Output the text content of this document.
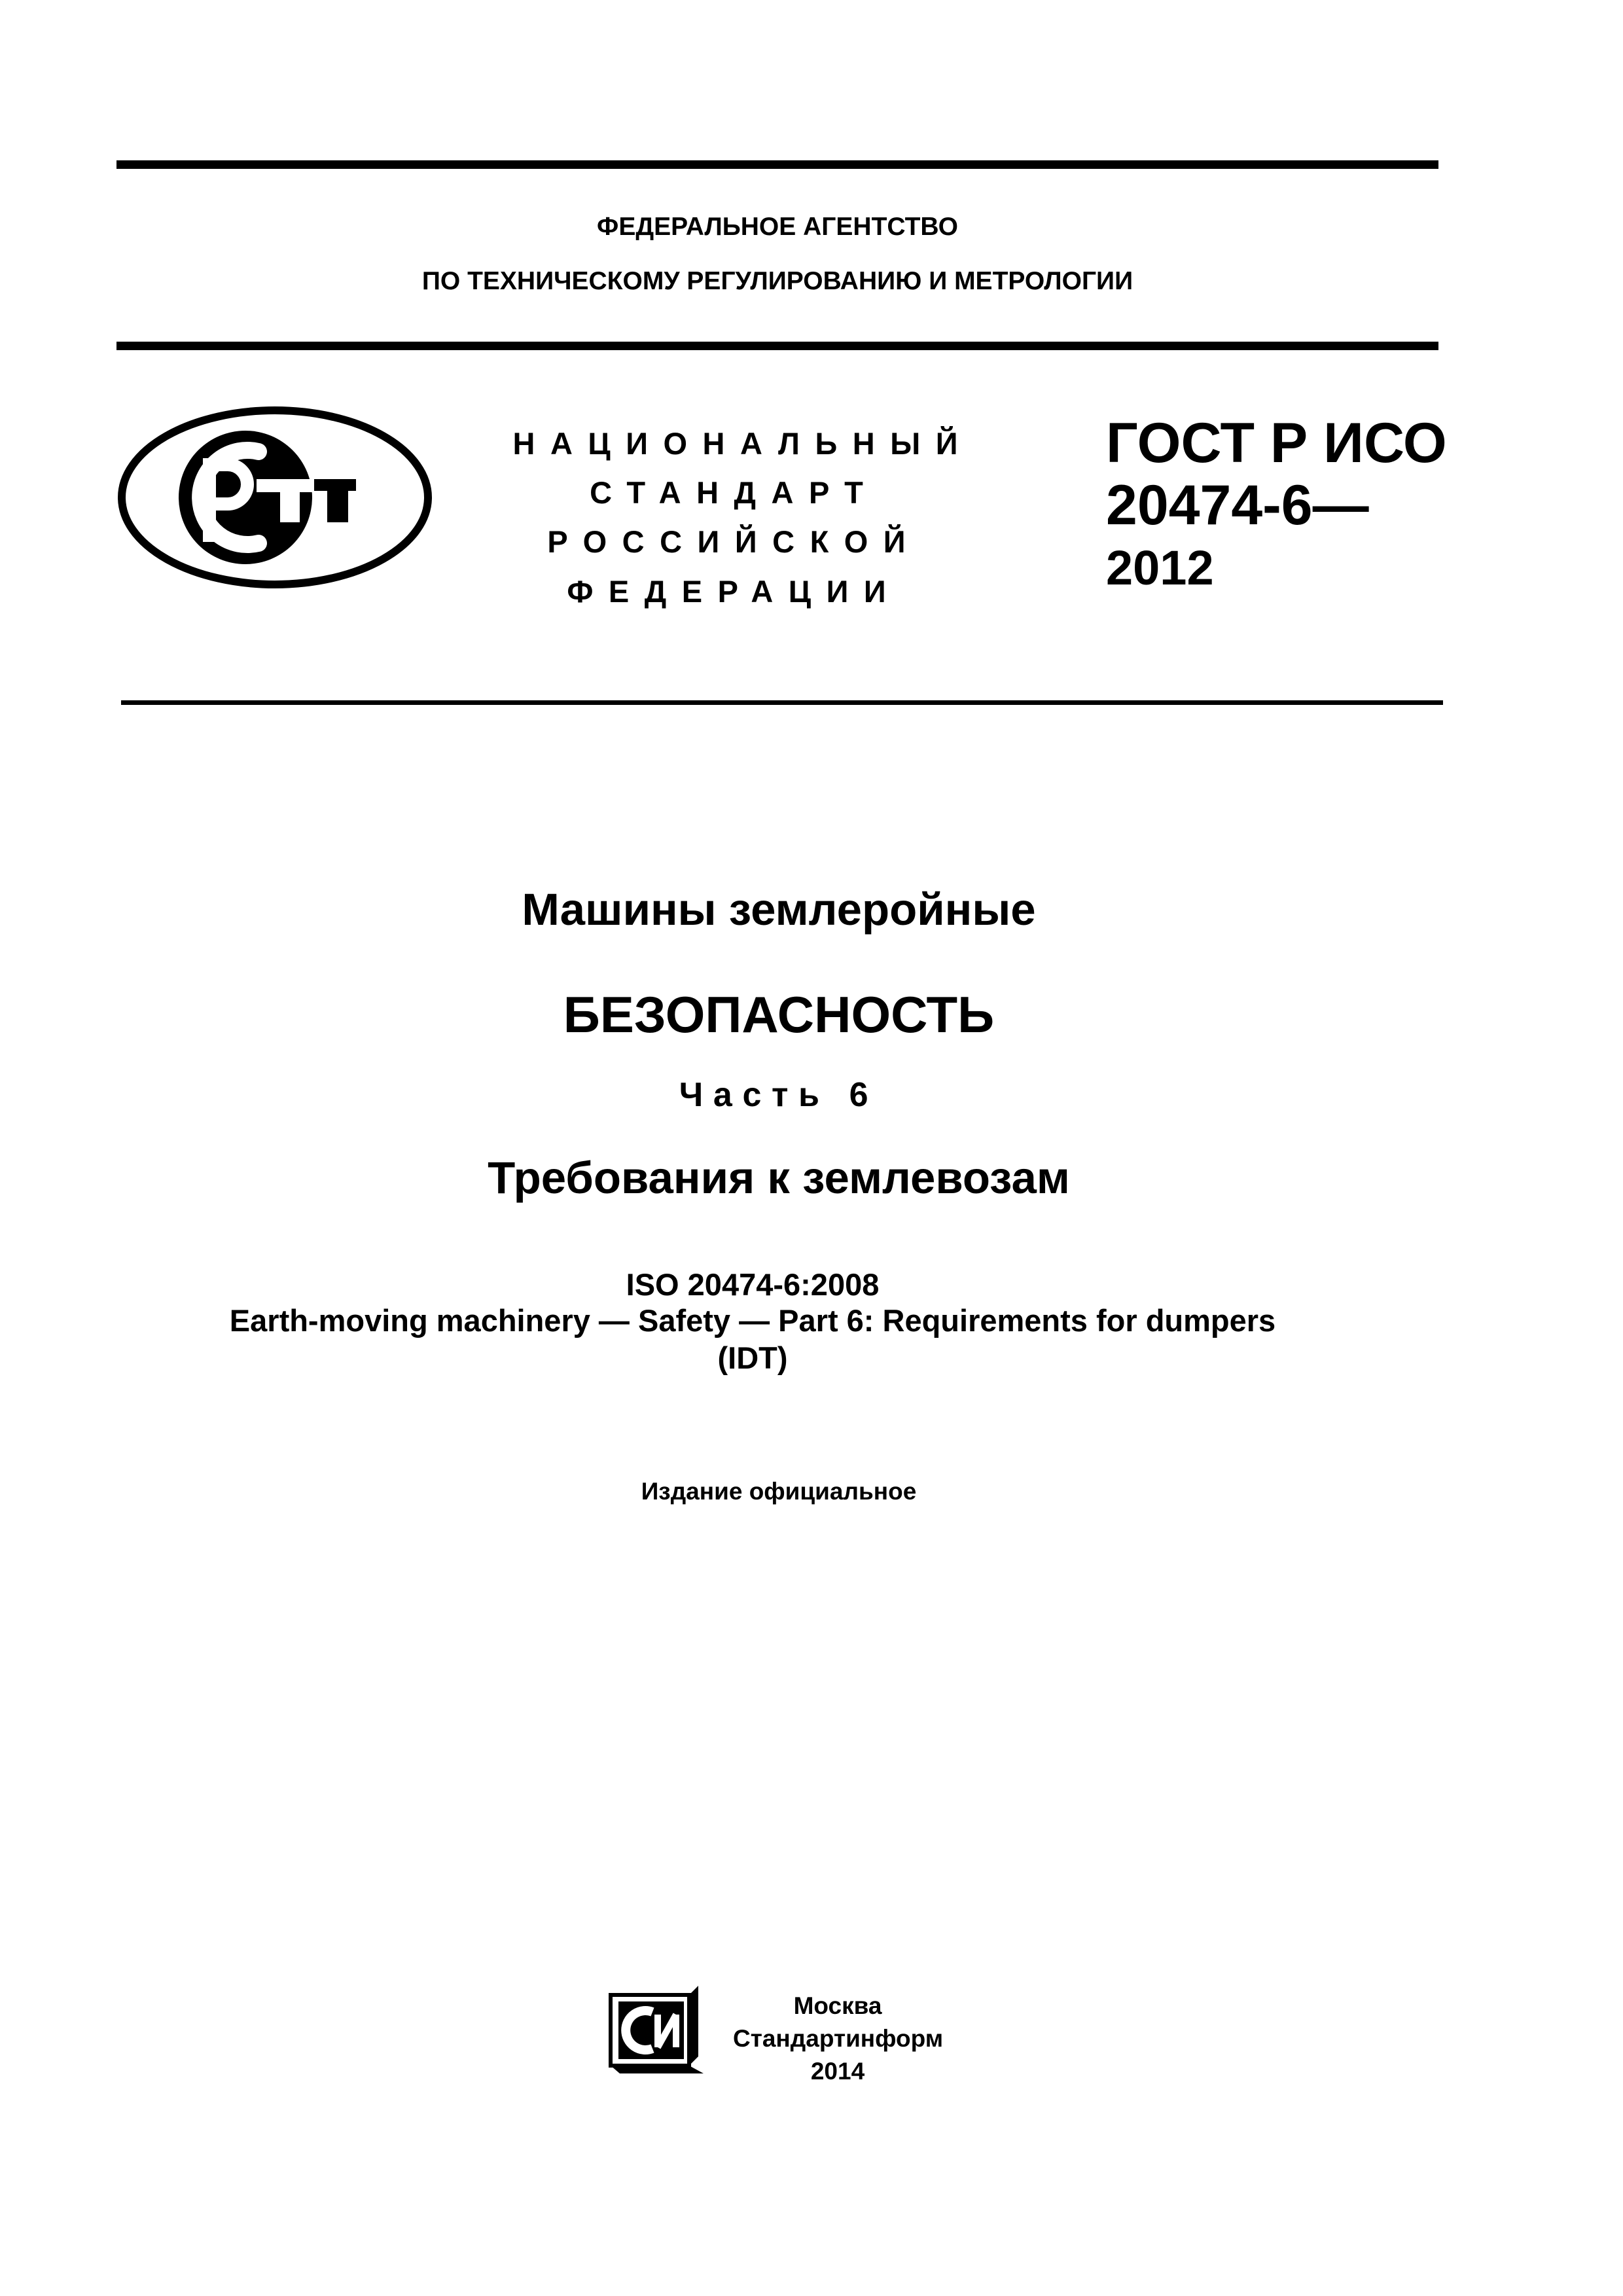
ФЕДЕРАЛЬНОЕ АГЕНТСТВО
ПО ТЕХНИЧЕСКОМУ РЕГУЛИРОВАНИЮ И МЕТРОЛОГИИ
НАЦИОНАЛЬНЫЙ
СТАНДАРТ
РОССИЙСКОЙ
ФЕДЕРАЦИИ
ГОСТ Р ИСО
20474-6—
2012
Машины землеройные
БЕЗОПАСНОСТЬ
Часть 6
Требования к землевозам
ISO 20474-6:2008
Earth-moving machinery — Safety — Part 6: Requirements for dumpers
(IDT)
Издание официальное
Москва
Стандартинформ
2014
